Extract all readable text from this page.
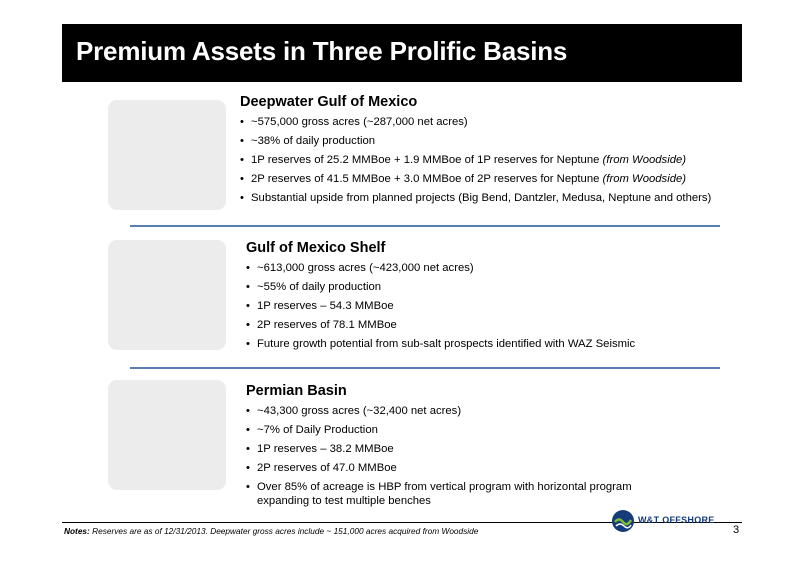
Premium Assets in Three Prolific Basins
Deepwater Gulf of Mexico
• ~575,000 gross acres (~287,000 net acres)
• ~38% of daily production
• 1P reserves of 25.2 MMBoe + 1.9 MMBoe of 1P reserves for Neptune (from Woodside)
• 2P reserves of 41.5 MMBoe + 3.0 MMBoe of 2P reserves for Neptune (from Woodside)
• Substantial upside from planned projects (Big Bend, Dantzler, Medusa, Neptune and others)
Gulf of Mexico Shelf
• ~613,000 gross acres (~423,000 net acres)
• ~55% of daily production
• 1P reserves – 54.3 MMBoe
• 2P reserves of 78.1 MMBoe
• Future growth potential from sub-salt prospects identified with WAZ Seismic
Permian Basin
• ~43,300 gross acres (~32,400 net acres)
• ~7% of Daily Production
• 1P reserves – 38.2 MMBoe
• 2P reserves of 47.0 MMBoe
• Over 85% of acreage is HBP from vertical program with horizontal program expanding to test multiple benches
Notes: Reserves are as of 12/31/2013. Deepwater gross acres include ~ 151,000 acres acquired from Woodside
W&T OFFSHORE
3
